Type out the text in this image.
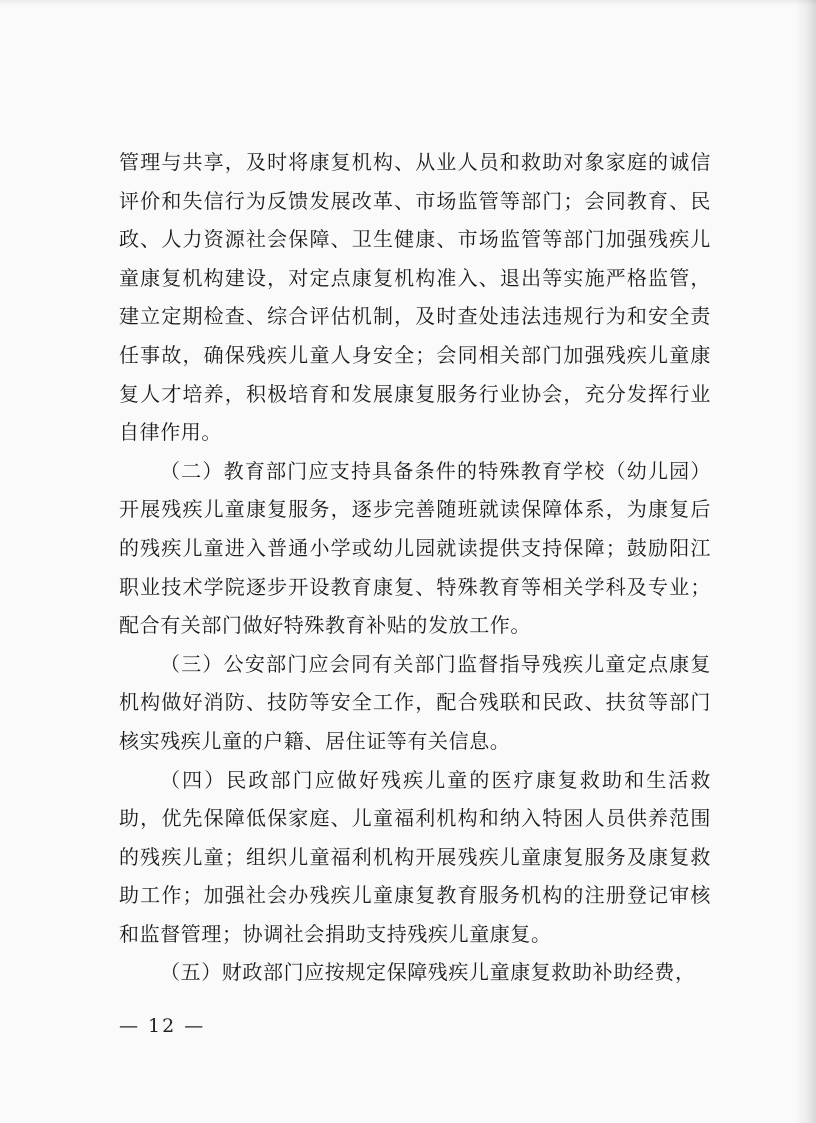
管理与共享，及时将康复机构、从业人员和救助对象家庭的诚信评价和失信行为反馈发展改革、市场监管等部门；会同教育、民政、人力资源社会保障、卫生健康、市场监管等部门加强残疾儿童康复机构建设，对定点康复机构准入、退出等实施严格监管，建立定期检查、综合评估机制，及时查处违法违规行为和安全责任事故，确保残疾儿童人身安全；会同相关部门加强残疾儿童康复人才培养，积极培育和发展康复服务行业协会，充分发挥行业自律作用。

（二）教育部门应支持具备条件的特殊教育学校（幼儿园）开展残疾儿童康复服务，逐步完善随班就读保障体系，为康复后的残疾儿童进入普通小学或幼儿园就读提供支持保障；鼓励阳江职业技术学院逐步开设教育康复、特殊教育等相关学科及专业；配合有关部门做好特殊教育补贴的发放工作。

（三）公安部门应会同有关部门监督指导残疾儿童定点康复机构做好消防、技防等安全工作，配合残联和民政、扶贫等部门核实残疾儿童的户籍、居住证等有关信息。

（四）民政部门应做好残疾儿童的医疗康复救助和生活救助，优先保障低保家庭、儿童福利机构和纳入特困人员供养范围的残疾儿童；组织儿童福利机构开展残疾儿童康复服务及康复救助工作；加强社会办残疾儿童康复教育服务机构的注册登记审核和监督管理；协调社会捐助支持残疾儿童康复。

（五）财政部门应按规定保障残疾儿童康复救助补助经费，

— 12 —
